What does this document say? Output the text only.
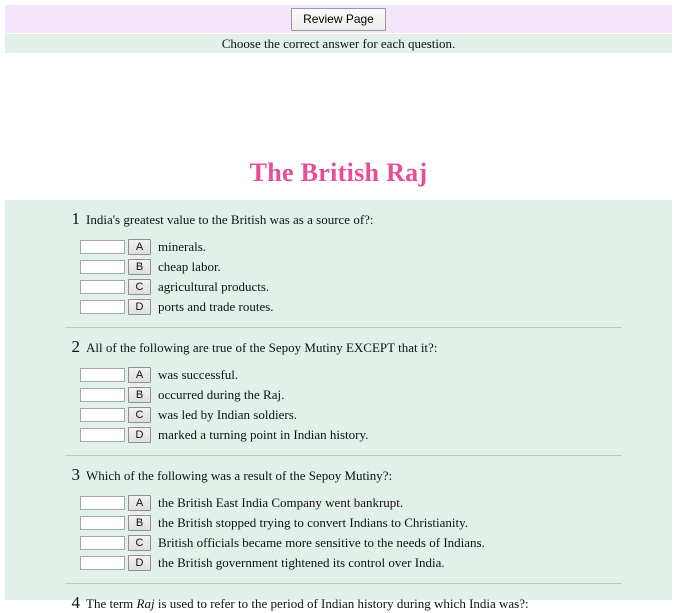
Review Page
Choose the correct answer for each question.
The British Raj
1 India's greatest value to the British was as a source of?:
A	minerals.
B	cheap labor.
C	agricultural products.
D	ports and trade routes.
2 All of the following are true of the Sepoy Mutiny EXCEPT that it?:
A	was successful.
B	occurred during the Raj.
C	was led by Indian soldiers.
D	marked a turning point in Indian history.
3 Which of the following was a result of the Sepoy Mutiny?:
A	the British East India Company went bankrupt.
B	the British stopped trying to convert Indians to Christianity.
C	British officials became more sensitive to the needs of Indians.
D	the British government tightened its control over India.
4 The term Raj is used to refer to the period of Indian history during which India was?:
